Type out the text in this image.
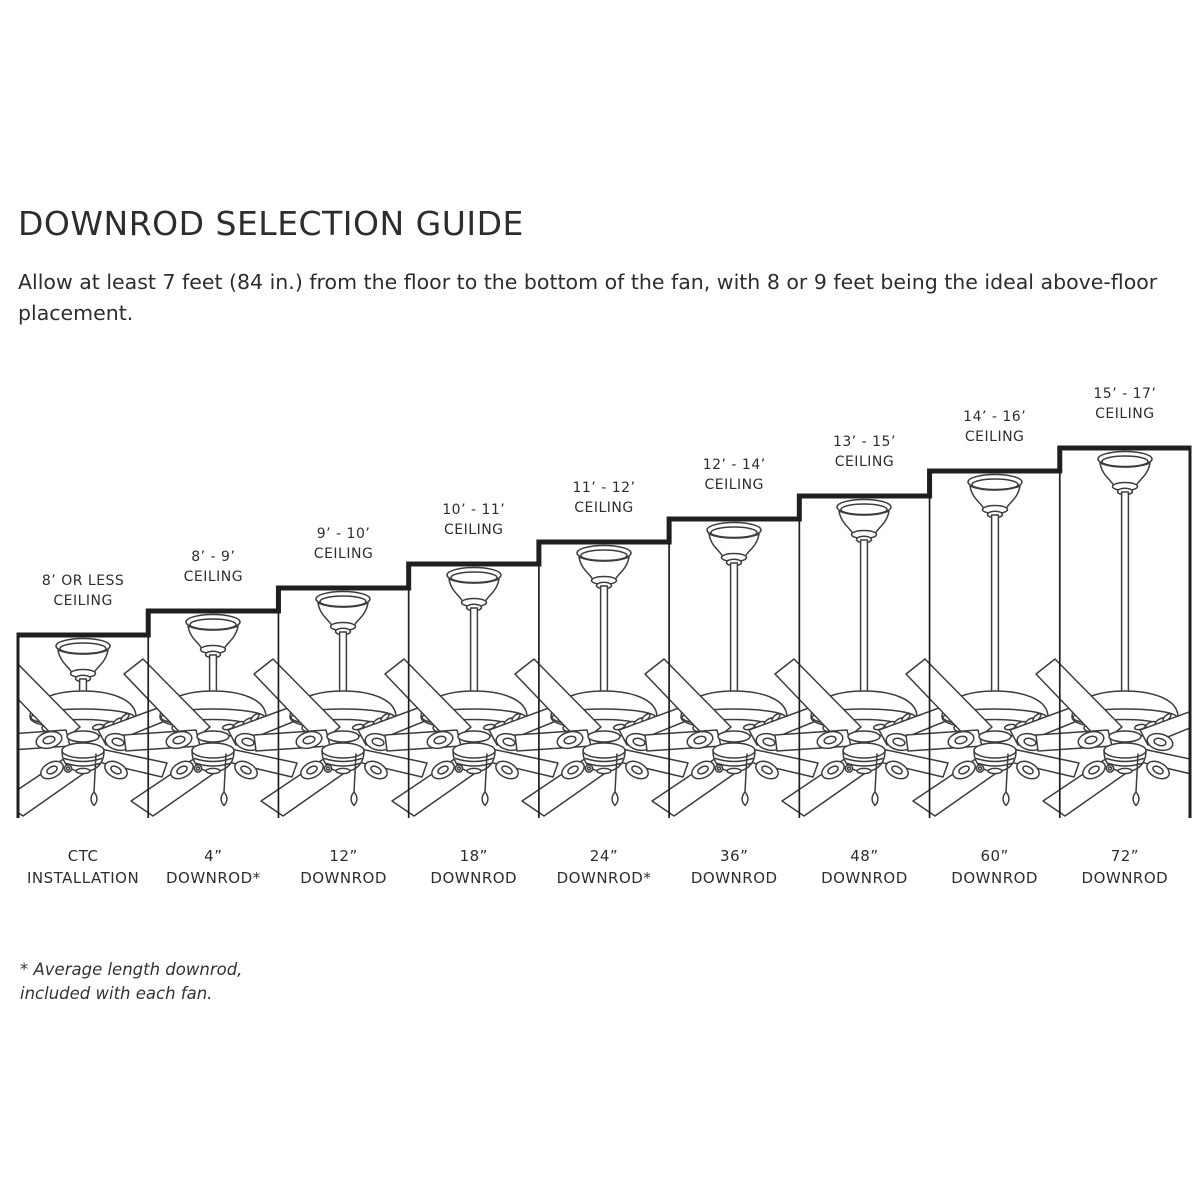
DOWNROD SELECTION GUIDE

Allow at least 7 feet (84 in.) from the floor to the bottom of the fan, with 8 or 9 feet being the ideal above-floor placement.

8’ OR LESS
CEILING
CTC
INSTALLATION
8’ - 9’
CEILING
4”
DOWNROD*
9’ - 10’
CEILING
12”
DOWNROD
10’ - 11’
CEILING
18”
DOWNROD
11’ - 12’
CEILING
24”
DOWNROD*
12’ - 14’
CEILING
36”
DOWNROD
13’ - 15’
CEILING
48”
DOWNROD
14’ - 16’
CEILING
60”
DOWNROD
15’ - 17’
CEILING
72”
DOWNROD
* Average length downrod,
included with each fan.
